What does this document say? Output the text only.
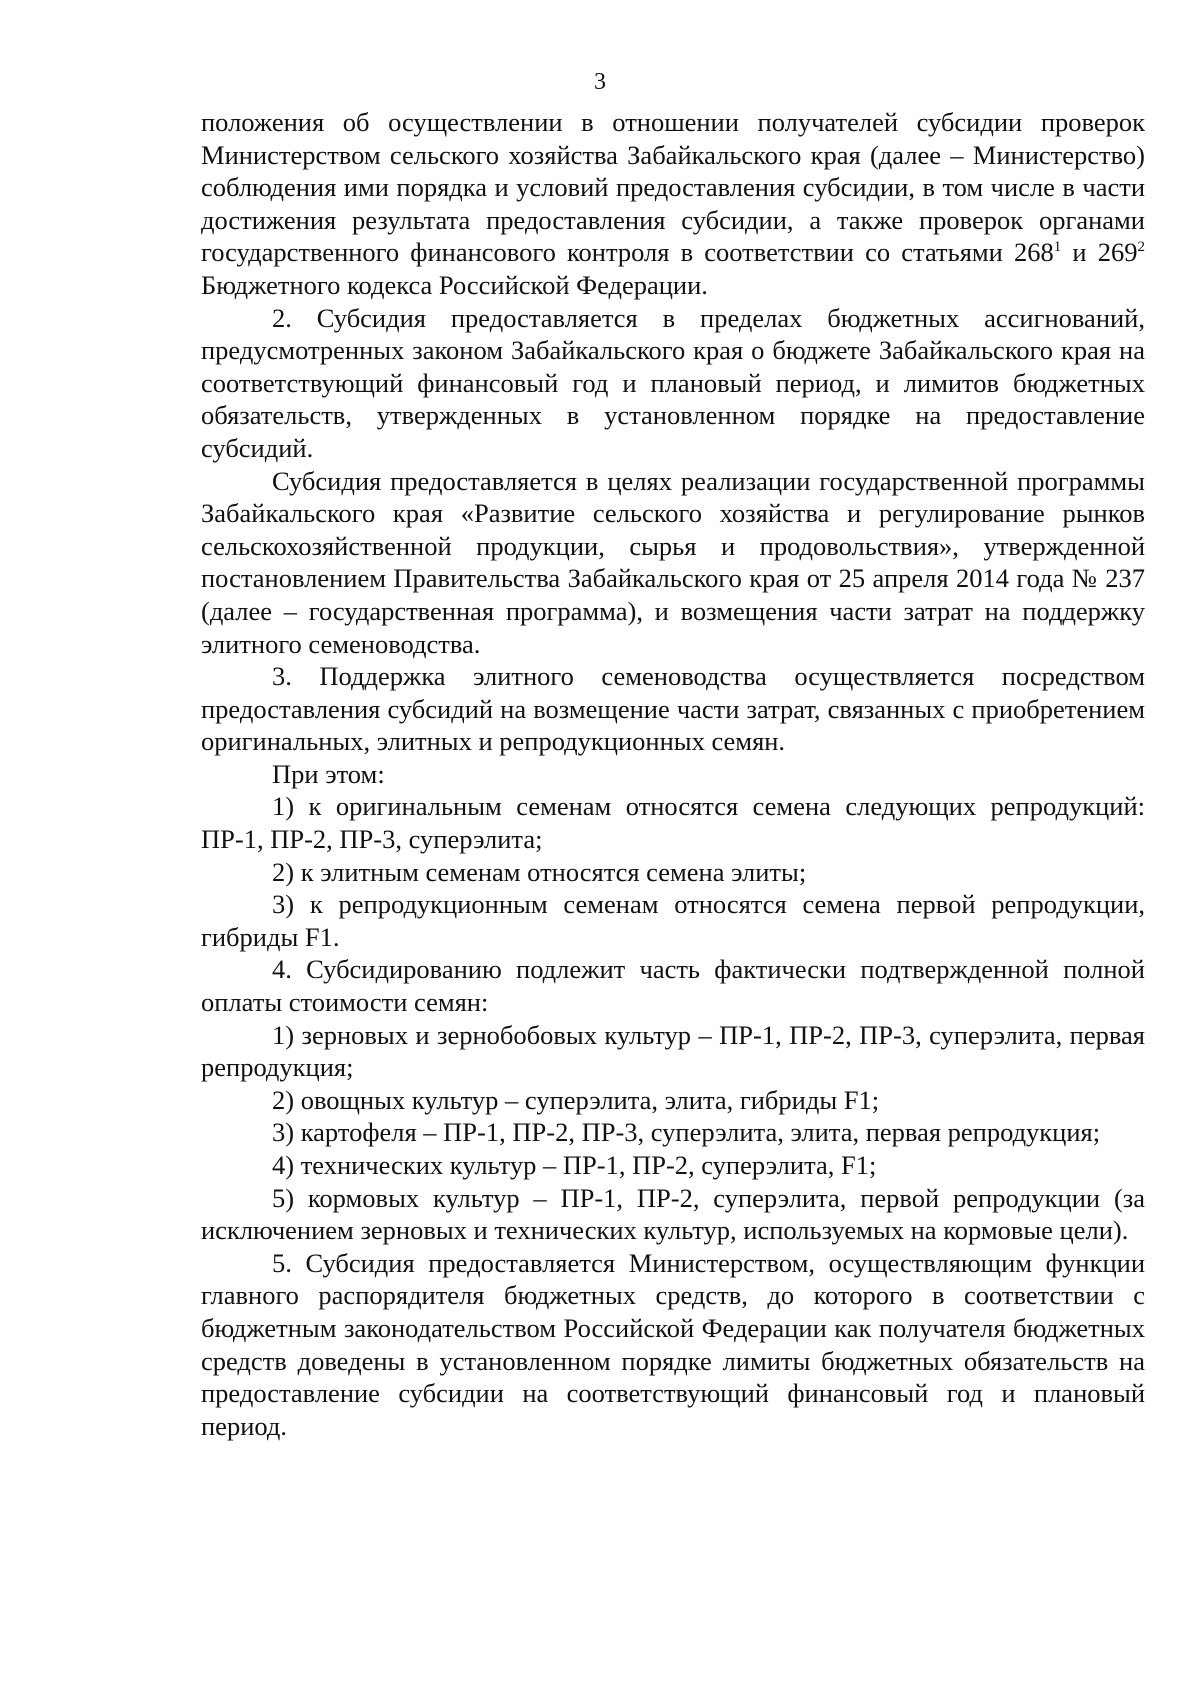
3

положения об осуществлении в отношении получателей субсидии проверок Министерством сельского хозяйства Забайкальского края (далее – Министерство) соблюдения ими порядка и условий предоставления субсидии, в том числе в части достижения результата предоставления субсидии, а также проверок органами государственного финансового контроля в соответствии со статьями $268^1$ и $269^2$ Бюджетного кодекса Российской Федерации.

2. Субсидия предоставляется в пределах бюджетных ассигнований, предусмотренных законом Забайкальского края о бюджете Забайкальского края на соответствующий финансовый год и плановый период, и лимитов бюджетных обязательств, утвержденных в установленном порядке на предоставление субсидий.

Субсидия предоставляется в целях реализации государственной программы Забайкальского края «Развитие сельского хозяйства и регулирование рынков сельскохозяйственной продукции, сырья и продовольствия», утвержденной постановлением Правительства Забайкальского края от 25 апреля 2014 года № 237 (далее – государственная программа), и возмещения части затрат на поддержку элитного семеноводства.

3. Поддержка элитного семеноводства осуществляется посредством предоставления субсидий на возмещение части затрат, связанных с приобретением оригинальных, элитных и репродукционных семян.

При этом:

1) к оригинальным семенам относятся семена следующих репродукций: ПР-1, ПР-2, ПР-3, суперэлита;

2) к элитным семенам относятся семена элиты;

3) к репродукционным семенам относятся семена первой репродукции, гибриды F1.

4. Субсидированию подлежит часть фактически подтвержденной полной оплаты стоимости семян:

1) зерновых и зернобобовых культур – ПР-1, ПР-2, ПР-3, суперэлита, первая репродукция;

2) овощных культур – суперэлита, элита, гибриды F1;

3) картофеля – ПР-1, ПР-2, ПР-3, суперэлита, элита, первая репродукция;

4) технических культур – ПР-1, ПР-2, суперэлита, F1;

5) кормовых культур – ПР-1, ПР-2, суперэлита, первой репродукции (за исключением зерновых и технических культур, используемых на кормовые цели).

5. Субсидия предоставляется Министерством, осуществляющим функции главного распорядителя бюджетных средств, до которого в соответствии с бюджетным законодательством Российской Федерации как получателя бюджетных средств доведены в установленном порядке лимиты бюджетных обязательств на предоставление субсидии на соответствующий финансовый год и плановый период.
